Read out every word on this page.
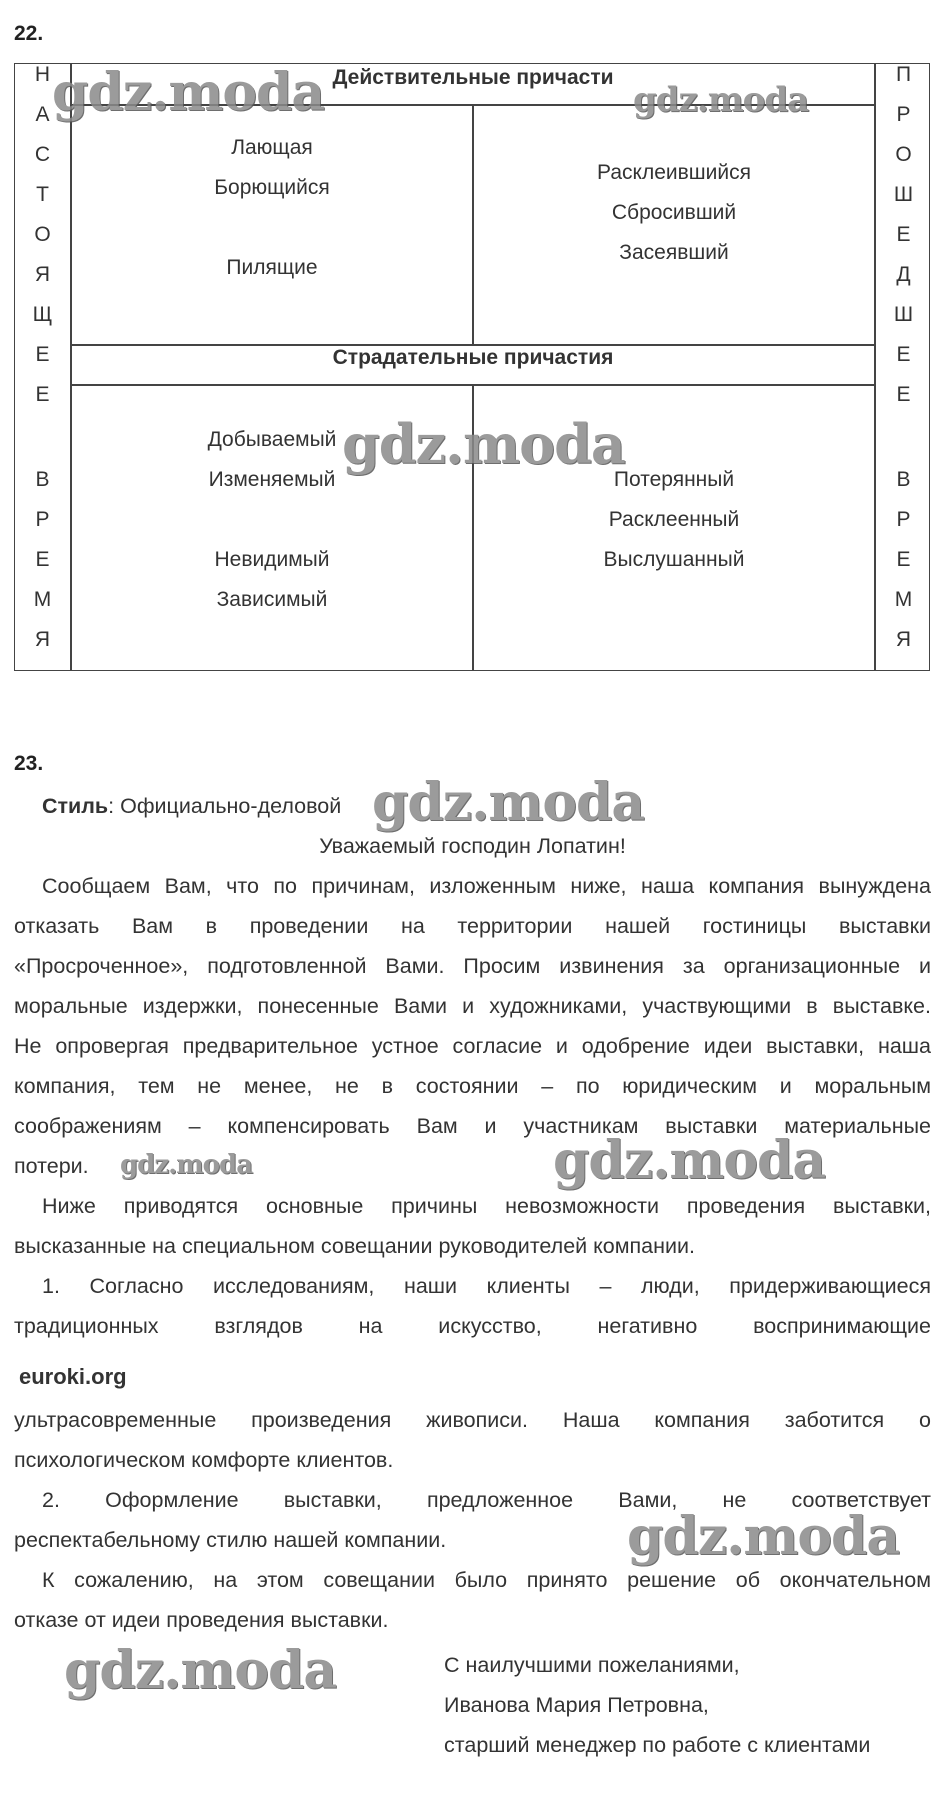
22.
Н
А
С
Т
О
Я
Щ
Е
Е
В
Р
Е
М
Я
П
Р
О
Ш
Е
Д
Ш
Е
Е
В
Р
Е
М
Я
Действительные причасти
Страдательные причастия
Лающая
Борющийся
Пилящие
Расклеившийся
Сбросивший
Засеявший
Добываемый
Изменяемый
Невидимый
Зависимый
Потерянный
Расклеенный
Выслушанный
23.
Стиль: Официально-деловой
Уважаемый господин Лопатин!
Сообщаем Вам, что по причинам, изложенным ниже, наша компания вынуждена
отказать Вам в проведении на территории нашей гостиницы выставки
«Просроченное», подготовленной Вами. Просим извинения за организационные и
моральные издержки, понесенные Вами и художниками, участвующими в выставке.
Не опровергая предварительное устное согласие и одобрение идеи выставки, наша
компания, тем не менее, не в состоянии – по юридическим и моральным
соображениям – компенсировать Вам и участникам выставки материальные
потери.
Ниже приводятся основные причины невозможности проведения выставки,
высказанные на специальном совещании руководителей компании.
1. Согласно исследованиям, наши клиенты – люди, придерживающиеся
традиционных взглядов на искусство, негативно воспринимающие
euroki.org
ультрасовременные произведения живописи. Наша компания заботится о
психологическом комфорте клиентов.
2. Оформление выставки, предложенное Вами, не соответствует
респектабельному стилю нашей компании.
К сожалению, на этом совещании было принято решение об окончательном
отказе от идеи проведения выставки.
С наилучшими пожеланиями,
Иванова Мария Петровна,
старший менеджер по работе с клиентами
gdz.moda	gdz.moda
gdz.moda
gdz.moda
gdz.moda	gdz.moda
gdz.moda
gdz.moda
